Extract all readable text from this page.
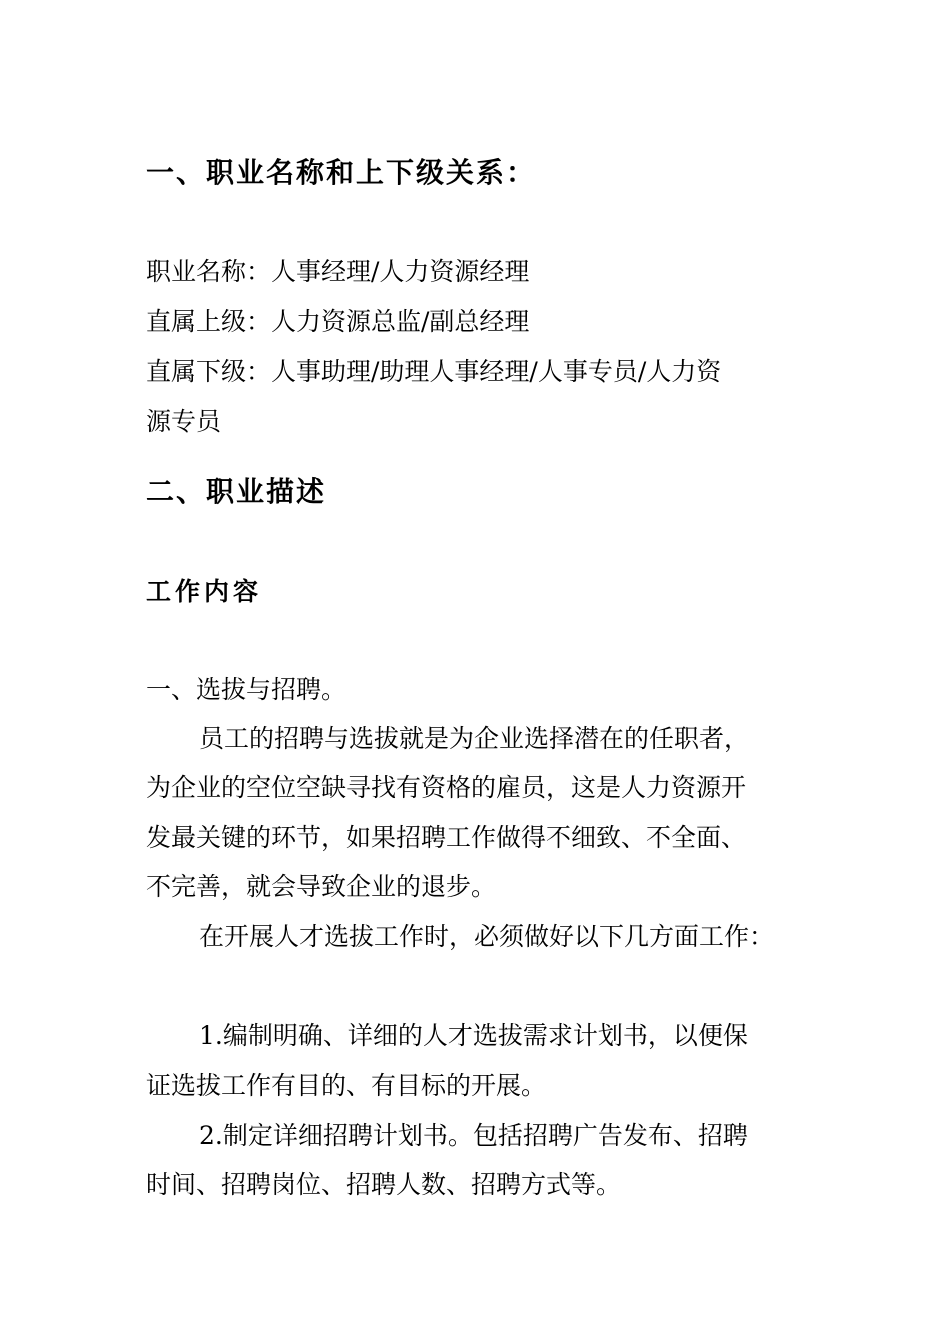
一、职业名称和上下级关系：
职业名称：人事经理/人力资源经理
直属上级：人力资源总监/副总经理
直属下级：人事助理/助理人事经理/人事专员/人力资
源专员
二、职业描述
工作内容
一、选拔与招聘。
员工的招聘与选拔就是为企业选择潜在的任职者，
为企业的空位空缺寻找有资格的雇员，这是人力资源开
发最关键的环节，如果招聘工作做得不细致、不全面、
不完善，就会导致企业的退步。
在开展人才选拔工作时，必须做好以下几方面工作：
1.编制明确、详细的人才选拔需求计划书，以便保
证选拔工作有目的、有目标的开展。
2.制定详细招聘计划书。包括招聘广告发布、招聘
时间、招聘岗位、招聘人数、招聘方式等。
